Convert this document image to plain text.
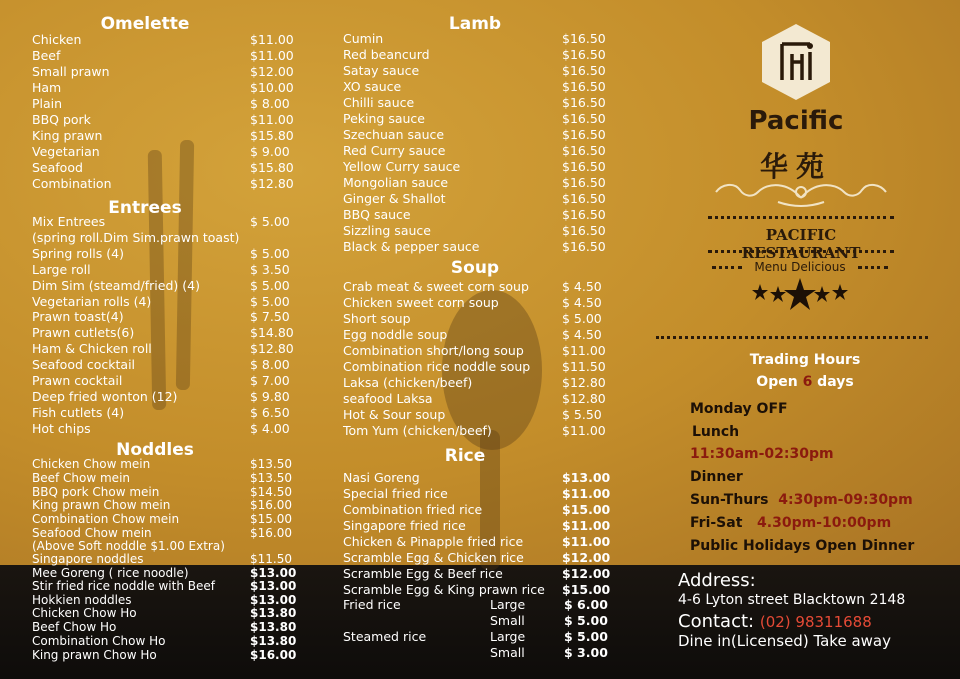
Omelette
Chicken	$11.00
Beef	$11.00
Small prawn	$12.00
Ham	$10.00
Plain	$ 8.00
BBQ pork	$11.00
King prawn	$15.80
Vegetarian	$ 9.00
Seafood	$15.80
Combination	$12.80
Entrees
Mix Entrees	$ 5.00
(spring roll.Dim Sim.prawn toast)
Spring rolls (4)	$ 5.00
Large roll	$ 3.50
Dim Sim (steamd/fried) (4)	$ 5.00
Vegetarian rolls (4)	$ 5.00
Prawn toast(4)	$ 7.50
Prawn cutlets(6)	$14.80
Ham & Chicken roll	$12.80
Seafood cocktail	$ 8.00
Prawn cocktail	$ 7.00
Deep fried wonton (12)	$ 9.80
Fish cutlets (4)	$ 6.50
Hot chips	$ 4.00
Noddles
Chicken Chow mein	$13.50
Beef Chow mein	$13.50
BBQ pork Chow mein	$14.50
King prawn Chow mein	$16.00
Combination Chow mein	$15.00
Seafood Chow mein	$16.00
(Above Soft noddle $1.00 Extra)
Singapore noddles	$11.50
Mee Goreng ( rice noodle)	$13.00
Stir fried rice noddle with Beef	$13.00
Hokkien noddles	$13.00
Chicken Chow Ho	$13.80
Beef Chow Ho	$13.80
Combination Chow Ho	$13.80
King prawn Chow Ho	$16.00
Lamb
Cumin	$16.50
Red beancurd	$16.50
Satay sauce	$16.50
XO sauce	$16.50
Chilli sauce	$16.50
Peking sauce	$16.50
Szechuan sauce	$16.50
Red Curry sauce	$16.50
Yellow Curry sauce	$16.50
Mongolian sauce	$16.50
Ginger & Shallot	$16.50
BBQ sauce	$16.50
Sizzling sauce	$16.50
Black & pepper sauce	$16.50
Soup
Crab meat & sweet corn soup	$ 4.50
Chicken sweet corn soup	$ 4.50
Short soup	$ 5.00
Egg noddle soup	$ 4.50
Combination short/long soup	$11.00
Combination rice noddle soup	$11.50
Laksa (chicken/beef)	$12.80
seafood Laksa	$12.80
Hot & Sour soup	$ 5.50
Tom Yum (chicken/beef)	$11.00
Rice
Nasi Goreng	$13.00
Special fried rice	$11.00
Combination fried rice	$15.00
Singapore fried rice	$11.00
Chicken & Pinapple fried rice	$11.00
Scramble Egg & Chicken rice	$12.00
Scramble Egg & Beef rice	$12.00
Scramble Egg & King prawn rice $15.00
Fried rice	Large	$ 6.00
Small	$ 5.00
Steamed rice	Large	$ 5.00
Small	$ 3.00
Pacific
华苑
PACIFIC RESTAURANT
Menu Delicious
Trading Hours
Open 6 days
Monday OFF
Lunch
11:30am-02:30pm
Dinner
Sun-Thurs 4:30pm-09:30pm
Fri-Sat 4.30pm-10:00pm
Public Holidays Open Dinner
Address:
4-6 Lyton street Blacktown 2148
Contact: (02) 98311688
Dine in(Licensed) Take away
